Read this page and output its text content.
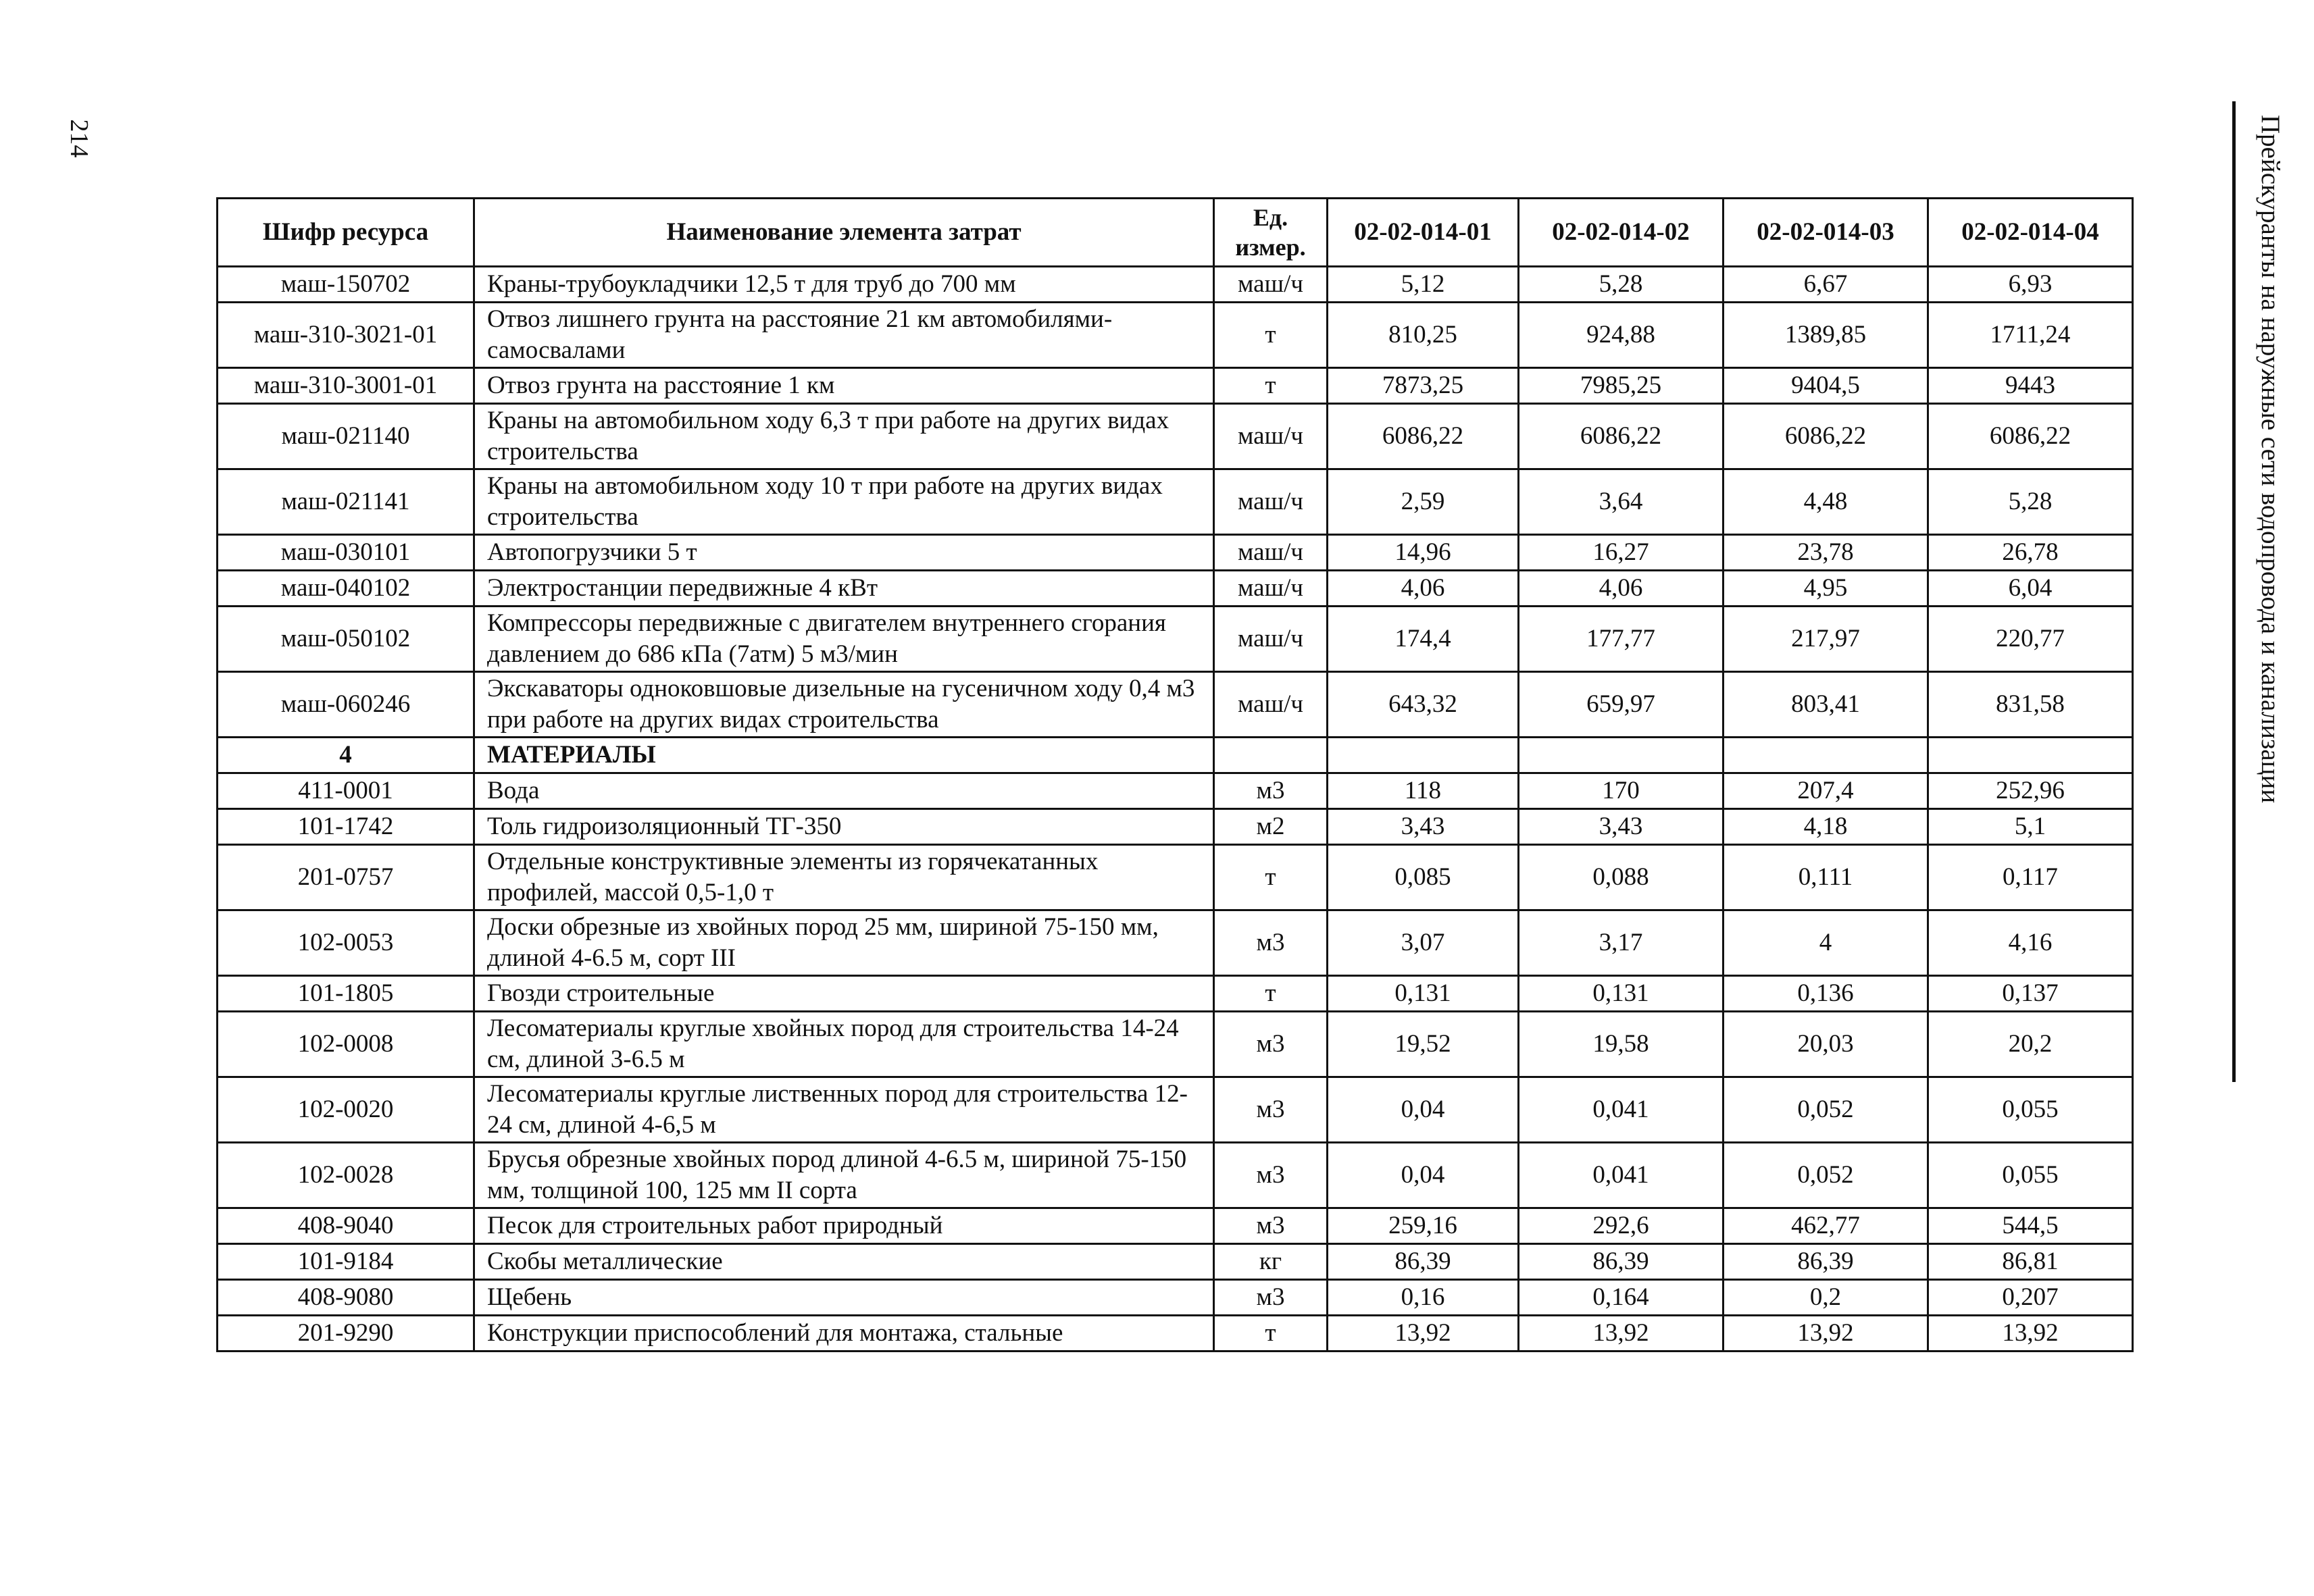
214	Прейскуранты на наружные сети водопровода и канализации
Шифр ресурса	Наименование элемента затрат	Ед. измер.	02-02-014-01	02-02-014-02	02-02-014-03	02-02-014-04
маш-150702	Краны-трубоукладчики 12,5 т для труб до 700 мм	маш/ч	5,12	5,28	6,67	6,93
маш-310-3021-01	Отвоз лишнего грунта на расстояние 21 км автомобилями-самосвалами	т	810,25	924,88	1389,85	1711,24
маш-310-3001-01	Отвоз грунта на расстояние 1 км	т	7873,25	7985,25	9404,5	9443
маш-021140	Краны на автомобильном ходу 6,3 т при работе на других видах строительства	маш/ч	6086,22	6086,22	6086,22	6086,22
маш-021141	Краны на автомобильном ходу 10 т при работе на других видах строительства	маш/ч	2,59	3,64	4,48	5,28
маш-030101	Автопогрузчики 5 т	маш/ч	14,96	16,27	23,78	26,78
маш-040102	Электростанции передвижные 4 кВт	маш/ч	4,06	4,06	4,95	6,04
маш-050102	Компрессоры передвижные с двигателем внутреннего сгорания давлением до 686 кПа (7атм) 5 м3/мин	маш/ч	174,4	177,77	217,97	220,77
маш-060246	Экскаваторы одноковшовые дизельные на гусеничном ходу 0,4 м3 при работе на других видах строительства	маш/ч	643,32	659,97	803,41	831,58
4	МАТЕРИАЛЫ					
411-0001	Вода	м3	118	170	207,4	252,96
101-1742	Толь гидроизоляционный ТГ-350	м2	3,43	3,43	4,18	5,1
201-0757	Отдельные конструктивные элементы из горячекатанных профилей, массой 0,5-1,0 т	т	0,085	0,088	0,111	0,117
102-0053	Доски обрезные из хвойных пород 25 мм, шириной 75-150 мм, длиной 4-6.5 м, сорт III	м3	3,07	3,17	4	4,16
101-1805	Гвозди строительные	т	0,131	0,131	0,136	0,137
102-0008	Лесоматериалы круглые хвойных пород для строительства 14-24 см, длиной 3-6.5 м	м3	19,52	19,58	20,03	20,2
102-0020	Лесоматериалы круглые лиственных пород для строительства 12-24 см, длиной 4-6,5 м	м3	0,04	0,041	0,052	0,055
102-0028	Брусья обрезные хвойных пород длиной 4-6.5 м, шириной 75-150 мм, толщиной 100, 125 мм II сорта	м3	0,04	0,041	0,052	0,055
408-9040	Песок для строительных работ природный	м3	259,16	292,6	462,77	544,5
101-9184	Скобы металлические	кг	86,39	86,39	86,39	86,81
408-9080	Щебень	м3	0,16	0,164	0,2	0,207
201-9290	Конструкции приспособлений для монтажа, стальные	т	13,92	13,92	13,92	13,92
